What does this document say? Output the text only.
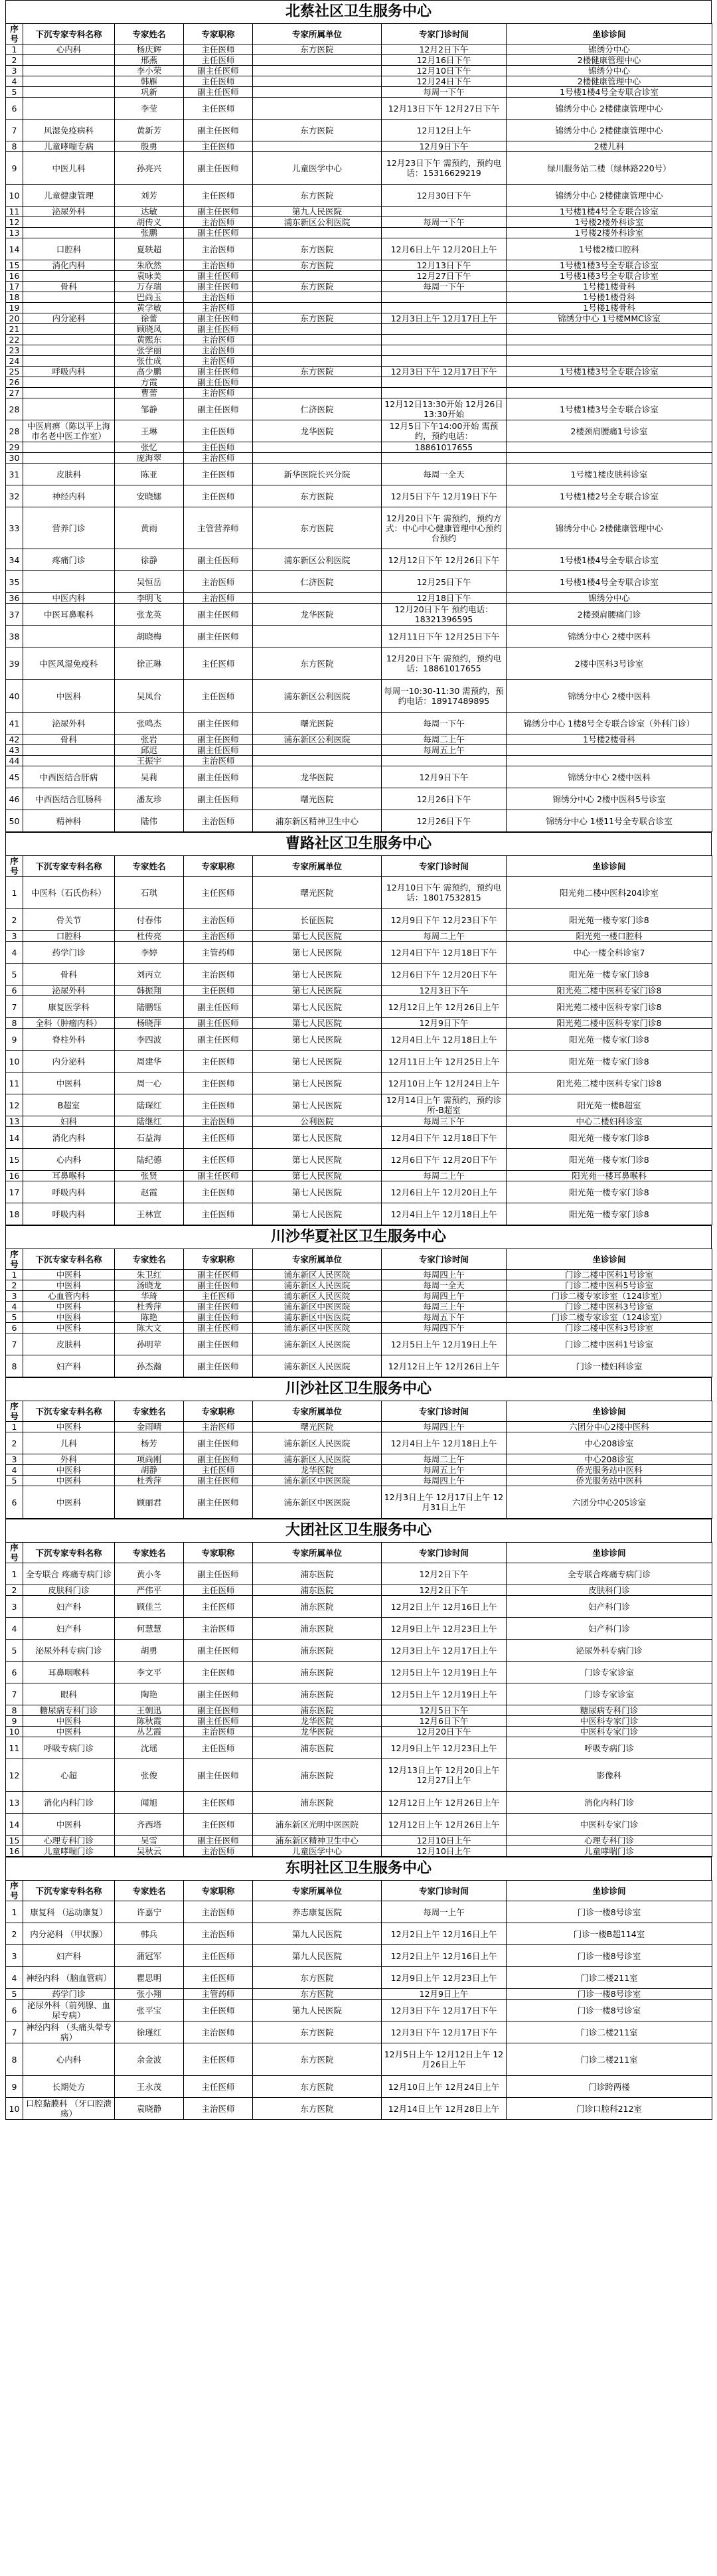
北蔡社区卫生服务中心
序号	下沉专家专科名称	专家姓名	专家职称	专家所属单位	专家门诊时间	坐诊诊间
1	心内科	杨庆辉	主任医师	东方医院	12月2日下午	锦绣分中心
2		邢燕	主任医师		12月16日下午	2楼健康管理中心
3		李小荣	副主任医师		12月10日下午	锦绣分中心
4		韩雁	主任医师		12月24日下午	2楼健康管理中心
5		巩新	副主任医师		每周一下午	1号楼1楼4号全专联合诊室
6		李莹	主任医师		12月13日下午 12月27日下午	锦绣分中心 2楼健康管理中心
7	风湿免疫病科	黄新芳	副主任医师	东方医院	12月12日上午	锦绣分中心 2楼健康管理中心
8	儿童哮喘专病	殷勇	主任医师		12月9日下午	2楼儿科
9	中医儿科	孙亮兴	副主任医师	儿童医学中心	12月23日下午 需预约，预约电话：15316629219	绿川服务站二楼（绿林路220号）
10	儿童健康管理	刘芳	主任医师	东方医院	12月30日下午	锦绣分中心 2楼健康管理中心
11	泌尿外科	达敏	副主任医师	第九人民医院		1号楼1楼4号全专联合诊室
12		胡传义	主治医师	浦东新区公利医院	每周一下午	1号楼2楼外科诊室
13		张鹏	副主任医师			1号楼2楼外科诊室
14	口腔科	夏轶超	主治医师	东方医院	12月6日上午 12月20日上午	1号楼2楼口腔科
15	消化内科	朱欣然	主治医师	东方医院	12月13日下午	1号楼1楼3号全专联合诊室
16		袁咏美	副主任医师		12月27日下午	1号楼1楼3号全专联合诊室
17	骨科	万存瑞	副主任医师	东方医院	每周一下午	1号楼1楼骨科
18		巴尚玉	主治医师			1号楼1楼骨科
19		黄学敏	主治医师			1号楼1楼骨科
20	内分泌科	徐蕾	副主任医师	东方医院	12月3日上午 12月17日上午	锦绣分中心 1号楼MMC诊室
21		顾晓凤	副主任医师			
22		黄熙东	主治医师			
23		张学丽	主治医师			
24		张仕成	主治医师			
25	呼吸内科	高少鹏	副主任医师	东方医院	12月3日下午 12月17日下午	1号楼1楼3号全专联合诊室
26		方霞	副主任医师			
27		曹蕾	主治医师			
28		邹静	副主任医师	仁济医院	12月12日13:30开始 12月26日13:30开始	1号楼1楼3号全专联合诊室
28	中医肩痹（陈以平上海市名老中医工作室）	王琳	主任医师	龙华医院	12月5日下午14:00开始 需预约，预约电话：	2楼颈肩腰痛1号诊室
29		张忆	主任医师		18861017655	
30		庞海翠	主治医师			
31	皮肤科	陈亚	主任医师	新华医院长兴分院	每周一全天	1号楼1楼皮肤科诊室
32	神经内科	安晓娜	主任医师	东方医院	12月5日下午 12月19日下午	1号楼1楼2号全专联合诊室
33	营养门诊	黄雨	主管营养师	东方医院	12月20日下午 需预约，预约方式：中心中心健康管理中心预约台预约	锦绣分中心 2楼健康管理中心
34	疼痛门诊	徐静	副主任医师	浦东新区公利医院	12月12日下午 12月26日下午	1号楼1楼4号全专联合诊室
35		吴恒岳	主治医师	仁济医院	12月25日下午	1号楼1楼4号全专联合诊室
36	中医内科	李明飞	主治医师		12月18日下午	锦绣分中心
37	中医耳鼻喉科	张龙英	副主任医师	龙华医院	12月20日下午 预约电话：18321396595	2楼颈肩腰痛门诊
38		胡晓梅	副主任医师		12月11日下午 12月25日下午	锦绣分中心 2楼中医科
39	中医风湿免疫科	徐正琳	主任医师	东方医院	12月20日下午 需预约，预约电话：18861017655	2楼中医科3号诊室
40	中医科	吴凤台	主任医师	浦东新区公利医院	每周一10:30-11:30 需预约，预约电话：18917489895	锦绣分中心 2楼中医科
41	泌尿外科	张鸣杰	副主任医师	曙光医院	每周一下午	锦绣分中心 1楼8号全专联合诊室（外科门诊）
42	骨科	张岩	副主任医师	浦东新区公利医院	每周二上午	1号楼2楼骨科
43		邱迟	副主任医师		每周五上午	
44		王振宇	主治医师			
45	中西医结合肝病	吴莉	副主任医师	龙华医院	12月9日下午	锦绣分中心 2楼中医科
46	中西医结合肛肠科	潘友珍	副主任医师	曙光医院	12月26日下午	锦绣分中心 2楼中医科5号诊室
50	精神科	陆伟	主治医师	浦东新区精神卫生中心	12月26日下午	锦绣分中心 1楼11号全专联合诊室
曹路社区卫生服务中心
序号	下沉专家专科名称	专家姓名	专家职称	专家所属单位	专家门诊时间	坐诊诊间
1	中医科（石氏伤科）	石琪	主任医师	曙光医院	12月10日下午 需预约，预约电话：18017532815	阳光苑二楼中医科204诊室
2	骨关节	付春伟	主治医师	长征医院	12月9日下午 12月23日下午	阳光苑一楼专家门诊8
3	口腔科	杜传亮	主治医师	第七人民医院	每周二上午	阳光苑一楼口腔科
4	药学门诊	李婷	主管药师	第七人民医院	12月4日下午 12月18日下午	中心一楼全科诊室7
5	骨科	刘丙立	主治医师	第七人民医院	12月6日下午 12月20日下午	阳光苑一楼专家门诊8
6	泌尿外科	韩振翔	主任医师	第七人民医院	12月3日下午	阳光苑二楼中医科专家门诊8
7	康复医学科	陆鹏钰	副主任医师	第七人民医院	12月12日上午 12月26日上午	阳光苑二楼中医科专家门诊8
8	全科（肿瘤内科）	杨晓萍	副主任医师	第七人民医院	12月9日下午	阳光苑二楼中医科专家门诊8
9	脊柱外科	李四波	副主任医师	第七人民医院	12月4日上午 12月18日上午	阳光苑一楼专家门诊8
10	内分泌科	周建华	主任医师	第七人民医院	12月11日上午 12月25日上午	阳光苑一楼专家门诊8
11	中医科	周一心	主任医师	第七人民医院	12月10日上午 12月24日上午	阳光苑二楼中医科专家门诊8
12	B超室	陆琛红	主任医师	第七人民医院	12月14日上午 需预约，预约诊所-B超室	阳光苑一楼B超室
13	妇科	陆继红	主治医师	公利医院	每周三下午	中心二楼妇科诊室
14	消化内科	石益海	主任医师	第七人民医院	12月4日下午 12月18日下午	阳光苑一楼专家门诊8
15	心内科	陆纪德	主任医师	第七人民医院	12月6日下午 12月20日下午	阳光苑一楼专家门诊8
16	耳鼻喉科	张贤	副主任医师	第七人民医院	每周二上午	阳光苑一楼耳鼻喉科
17	呼吸内科	赵霞	主任医师	第七人民医院	12月6日上午 12月20日上午	阳光苑一楼专家门诊8
18	呼吸内科	王林宣	主任医师	第七人民医院	12月4日上午 12月18日上午	阳光苑一楼专家门诊8
川沙华夏社区卫生服务中心
序号	下沉专家专科名称	专家姓名	专家职称	专家所属单位	专家门诊时间	坐诊诊间
1	中医科	朱卫红	副主任医师	浦东新区人民医院	每周四上午	门诊二楼中医科1号诊室
2	中医科	汤晓龙	副主任医师	浦东新区人民医院	每周一全天	门诊二楼中医科5号诊室
3	心血管内科	华琦	主任医师	浦东新区人民医院	每周四上午	门诊二楼专家诊室（124诊室）
4	中医科	杜秀萍	副主任医师	浦东新区中医医院	每周三上午	门诊二楼中医科3号诊室
5	中医科	陈艳	副主任医师	浦东新区中医医院	每周五下午	门诊二楼专家诊室（124诊室）
6	中医科	陈大文	副主任医师	浦东新区中医医院	每周四下午	门诊二楼中医科3号诊室
7	皮肤科	孙明苹	副主任医师	浦东新区人民医院	12月5日上午 12月19日上午	门诊二楼中医科1号诊室
8	妇产科	孙杰瀚	副主任医师	浦东新区人民医院	12月12日上午 12月26日上午	门诊一楼妇科诊室
川沙社区卫生服务中心
序号	下沉专家专科名称	专家姓名	专家职称	专家所属单位	专家门诊时间	坐诊诊间
1	中医科	金雨晴	主治医师	曙光医院	每周四上午	六团分中心2楼中医科
2	儿科	杨芳	副主任医师	浦东新区人民医院	12月4日上午 12月18日上午	中心208诊室
3	外科	项尚刚	副主任医师	浦东新区人民医院	每周二上午	中心208诊室
4	中医科	胡静	主任医师	龙华医院	每周五上午	侨光服务站中医科
5	中医科	杜秀萍	副主任医师	浦东新区中医医院	每周四上午	侨光服务站中医科
6	中医科	顾丽君	副主任医师	浦东新区中医医院	12月3日上午 12月17日上午 12月31日上午	六团分中心205诊室
大团社区卫生服务中心
序号	下沉专家专科名称	专家姓名	专家职称	专家所属单位	专家门诊时间	坐诊诊间
1	全专联合 疼痛专病门诊	黄小冬	副主任医师	浦东医院	12月2日下午	全专联合疼痛专病门诊
2	皮肤科门诊	严伟平	主任医师	浦东医院	12月2日下午	皮肤科门诊
3	妇产科	顾佳兰	主任医师	浦东医院	12月2日上午 12月16日上午	妇产科门诊
4	妇产科	何慧慧	主治医师	浦东医院	12月9日上午 12月23日上午	妇产科门诊
5	泌尿外科专病门诊	胡勇	副主任医师	浦东医院	12月3日上午 12月17日上午	泌尿外科专病门诊
6	耳鼻咽喉科	李文平	主任医师	浦东医院	12月5日上午 12月19日上午	门诊专家诊室
7	眼科	陶艳	副主任医师	浦东医院	12月5日上午 12月19日上午	门诊专家诊室
8	糖尿病专科门诊	王朝迅	副主任医师	浦东医院	12月5日下午	糖尿病专科门诊
9	中医科	陈秋霞	副主任医师	龙华医院	12月6日下午	中医科专家门诊
10	中医科	丛艺霞	主治医师	龙华医院	12月20日下午	中医科专家门诊
11	呼吸专病门诊	沈瑶	主任医师	浦东医院	12月9日上午 12月23日上午	呼吸专病门诊
12	心超	张俊	副主任医师	浦东医院	12月13日上午 12月20日上午 12月27日上午	影像科
13	消化内科门诊	闻旭	主任医师	浦东医院	12月12日上午 12月26日上午	消化内科门诊
14	中医科	齐西塔	主任医师	浦东新区光明中医医院	12月12日上午 12月26日上午	中医科专家门诊
15	心理专科门诊	吴雪	副主任医师	浦东新区精神卫生中心	12月10日上午	心理专科门诊
16	儿童哮喘门诊	吴秋云	主治医师	儿童医学中心	12月10日上午	儿童哮喘门诊
东明社区卫生服务中心
序号	下沉专家专科名称	专家姓名	专家职称	专家所属单位	专家门诊时间	坐诊诊间
1	康复科 （运动康复）	许嘉宁	主治医师	养志康复医院	每周一上午	门诊一楼8号诊室
2	内分泌科 （甲状腺）	韩兵	主治医师	第九人民医院	12月2日上午 12月16日上午	门诊一楼B超114室
3	妇产科	蒲冠军	主任医师	第九人民医院	12月2日上午 12月16日上午	门诊一楼8号诊室
4	神经内科 （脑血管病）	瞿思明	主任医师	东方医院	12月9日上午 12月23日上午	门诊二楼211室
5	药学门诊	张小翔	主管药师	东方医院	12月9日上午	门诊一楼8号诊室
6	泌尿外科（前列腺、血尿专病）	张平宝	主任医师	第九人民医院	12月3日下午 12月17日下午	门诊一楼8号诊室
7	神经内科 （头痛头晕专病）	徐瑾红	主治医师	东方医院	12月3日下午 12月17日下午	门诊二楼211室
8	心内科	余金波	主任医师	东方医院	12月5日上午 12月12日上午 12月26日上午	门诊二楼211室
9	长期处方	王永茂	主任医师	东方医院	12月10日上午 12月24日上午	门诊跨两楼
10	口腔黏膜科 （牙口腔溃疡）	袁晓静	主治医师	东方医院	12月14日上午 12月28日上午	门诊口腔科212室
